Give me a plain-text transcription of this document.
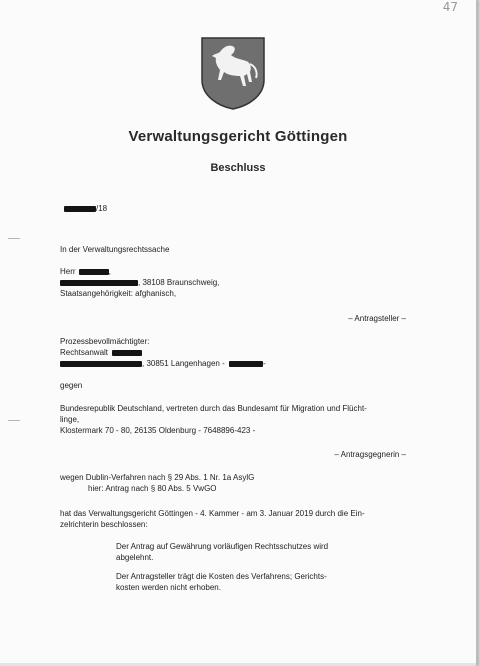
47
Verwaltungsgericht Göttingen
Beschluss
/18
In der Verwaltungsrechtssache
Herr	,
, 38108 Braunschweig,
Staatsangehörigkeit: afghanisch,
– Antragsteller –
Prozessbevollmächtigter:
Rechtsanwalt
, 30851 Langenhagen -	-
gegen
Bundesrepublik Deutschland, vertreten durch das Bundesamt für Migration und Flücht-
linge,
Klostermark 70 - 80, 26135 Oldenburg - 7648896-423 -
– Antragsgegnerin –
wegen Dublin-Verfahren nach § 29 Abs. 1 Nr. 1a AsylG
hier: Antrag nach § 80 Abs. 5 VwGO
hat das Verwaltungsgericht Göttingen - 4. Kammer - am 3. Januar 2019 durch die Ein-
zelrichterin beschlossen:
Der Antrag auf Gewährung vorläufigen Rechtsschutzes wird
abgelehnt.
Der Antragsteller trägt die Kosten des Verfahrens; Gerichts-
kosten werden nicht erhoben.
